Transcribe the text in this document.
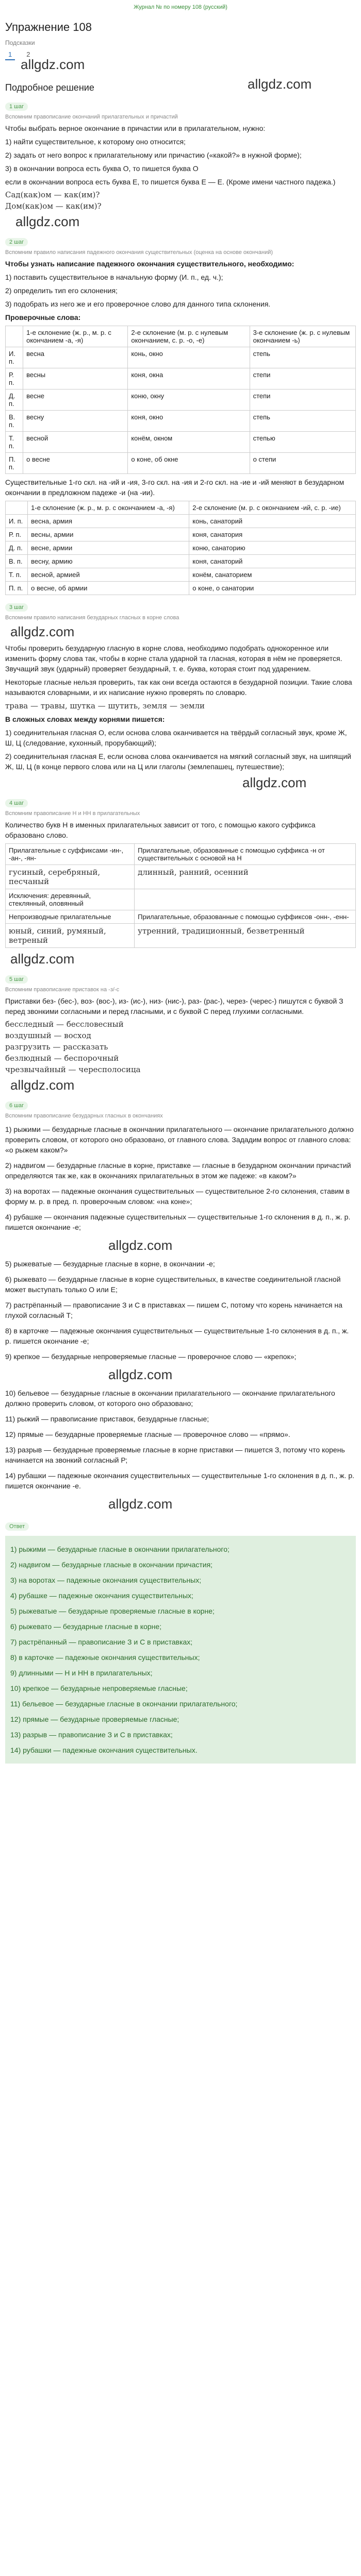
Журнал № по номеру 108 (русский)
Упражнение 108
Подсказки
1	2
allgdz.com
Подробное решение	allgdz.com
1 шаг
Вспомним правописание окончаний прилагательных и причастий

Чтобы выбрать верное окончание в причастии или в прилагательном, нужно:

1) найти существительное, к которому оно относится;

2) задать от него вопрос к прилагательному или причастию («какой?» в нужной форме);

3) в окончании вопроса есть буква О, то пишется буква О

если в окончании вопроса есть буква Е, то пишется буква Е — Е. (Кроме имени частного падежа.)

Сад(как)ом — как(им)?
Дом(как)ом — как(им)?
allgdz.com
2 шаг
Вспомним правило написания падежного окончания существительных (оценка на основе окончаний)

Чтобы узнать написание падежного окончания существительного, необходимо:

1) поставить существительное в начальную форму (И. п., ед. ч.);

2) определить тип его склонения;

3) подобрать из него же и его проверочное слово для данного типа склонения.

Проверочные слова:

	1-е склонение (ж. р., м. р. с окончанием -а, -я)	2-е склонение (м. р. с нулевым окончанием, с. р. -о, -е)	3-е склонение (ж. р. с нулевым окончанием -ь)
И. п.	весна	конь, окно	степь
Р. п.	весны	коня, окна	степи
Д. п.	весне	коню, окну	степи
В. п.	весну	коня, окно	степь
Т. п.	весной	конём, окном	степью
П. п.	о весне	о коне, об окне	о степи

Существительные 1-го скл. на -ий и -ия, 3-го скл. на -ия и 2-го скл. на -ие и -ий меняют в безударном окончании в предложном падеже -и (на -ии).

	1-е склонение (ж. р., м. р. с окончанием -а, -я)	2-е склонение (м. р. с окончанием -ий, с. р. -ие)
И. п.	весна, армия	конь, санаторий
Р. п.	весны, армии	коня, санатория
Д. п.	весне, армии	коню, санаторию
В. п.	весну, армию	коня, санаторий
Т. п.	весной, армией	конём, санаторием
П. п.	о весне, об армии	о коне, о санатории
3 шаг
Вспомним правило написания безударных гласных в корне слова
allgdz.com

Чтобы проверить безударную гласную в корне слова, необходимо подобрать однокоренное или изменить форму слова так, чтобы в корне стала ударной та гласная, которая в нём не проверяется. Звучащий звук (ударный) проверяет безударный, т. е. буква, которая стоит под ударением.

Некоторые гласные нельзя проверить, так как они всегда остаются в безударной позиции. Такие слова называются словарными, и их написание нужно проверять по словарю.

трава — травы, шутка — шутить, земля — земли

В сложных словах между корнями пишется:

1) соединительная гласная О, если основа слова оканчивается на твёрдый согласный звук, кроме Ж, Ш, Ц (следование, кухонный, прорубающий);

2) соединительная гласная Е, если основа слова оканчивается на мягкий согласный звук, на шипящий Ж, Ш, Ц (в конце первого слова или на Ц или глаголы (землепашец, путешествие);

allgdz.com
4 шаг
Вспомним правописание Н и НН в прилагательных

Количество букв Н в именных прилагательных зависит от того, с помощью какого суффикса образовано слово.

Прилагательные с суффиксами -ин-, -ан-, -ян-	Прилагательные, образованные с помощью суффикса -н от существительных с основой на Н
гусиный, серебряный, песчаный	длинный, ранний, осенний
Исключения: деревянный, стеклянный, оловянный	
Непроизводные прилагательные	Прилагательные, образованные с помощью суффиксов -онн-, -енн-
юный, синий, румяный, ветреный	утренний, традиционный, безветренный
allgdz.com
5 шаг
Вспомним правописание приставок на -з/-с

Приставки без- (бес-), воз- (вос-), из- (ис-), низ- (нис-), раз- (рас-), через- (черес-) пишутся с буквой З перед звонкими согласными и перед гласными, и с буквой С перед глухими согласными.

бесследный — бессловесный
воздушный — восход
разгрузить — рассказать
безлюдный — беспорочный
чрезвычайный — чересполосица
allgdz.com
6 шаг
Вспомним правописание безударных гласных в окончаниях
1) рыжими — безударные гласные в окончании прилагательного — окончание прилагательного должно проверить словом, от которого оно образовано, от главного слова. Зададим вопрос от главного слова: «о рыжем каком?»
2) надвигом — безударные гласные в корне, приставке — гласные в безударном окончании причастий определяются так же, как в окончаниях прилагательных в этом же падеже: «в каком?»
3) на воротах — падежные окончания существительных — существительное 2-го склонения, ставим в форму м. р. в пред. п. проверочным словом: «на коне»;
4) рубашке — окончания падежные существительных — существительные 1-го склонения в д. п., ж. р. пишется окончание -е;
allgdz.com
5) рыжеватые — безударные гласные в корне, в окончании -е;
6) рыжевато — безударные гласные в корне существительных, в качестве соединительной гласной может выступать только О или Е;
7) растрёпанный — правописание З и С в приставках — пишем С, потому что корень начинается на глухой согласный Т;
8) в карточке — падежные окончания существительных — существительные 1-го склонения в д. п., ж. р. пишется окончание -е;
9) крепкое — безударные непроверяемые гласные — проверочное слово — «крепок»;
allgdz.com
10) бельевое — безударные гласные в окончании прилагательного — окончание прилагательного должно проверить словом, от которого оно образовано;
11) рыжий — правописание приставок, безударные гласные;
12) прямые — безударные проверяемые гласные — проверочное слово — «прямо».
13) разрыв — безударные проверяемые гласные в корне приставки — пишется З, потому что корень начинается на звонкий согласный Р;
14) рубашки — падежные окончания существительных — существительные 1-го склонения в д. п., ж. р. пишется окончание -е.
allgdz.com
Ответ
1) рыжими — безударные гласные в окончании прилагательного;
2) надвигом — безударные гласные в окончании причастия;
3) на воротах — падежные окончания существительных;
4) рубашке — падежные окончания существительных;
5) рыжеватые — безударные проверяемые гласные в корне;
6) рыжевато — безударные гласные в корне;
7) растрёпанный — правописание З и С в приставках;
8) в карточке — падежные окончания существительных;
9) длинными — Н и НН в прилагательных;
10) крепкое — безударные непроверяемые гласные;
11) бельевое — безударные гласные в окончании прилагательного;
12) прямые — безударные проверяемые гласные;
13) разрыв — правописание З и С в приставках;
14) рубашки — падежные окончания существительных.
